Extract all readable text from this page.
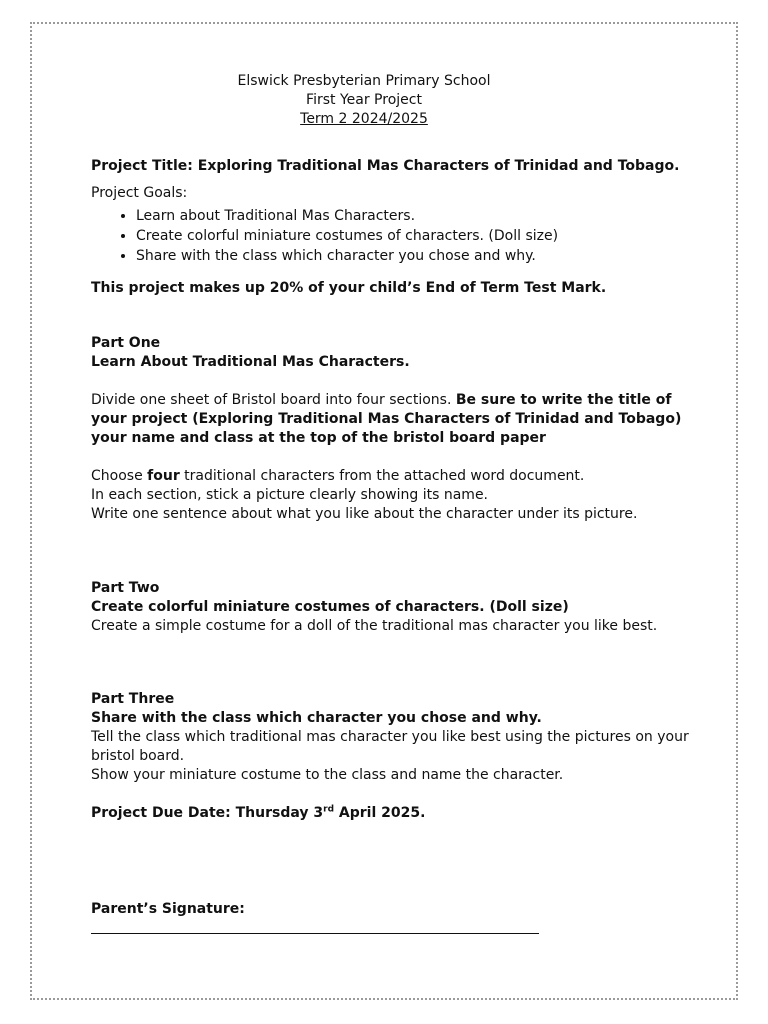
Elswick Presbyterian Primary School
First Year Project
Term 2 2024/2025

Project Title: Exploring Traditional Mas Characters of Trinidad and Tobago.

Project Goals:

• Learn about Traditional Mas Characters.
• Create colorful miniature costumes of characters. (Doll size)
• Share with the class which character you chose and why.

This project makes up 20% of your child’s End of Term Test Mark.

Part One

Learn About Traditional Mas Characters.

Divide one sheet of Bristol board into four sections. Be sure to write the title of your project (Exploring Traditional Mas Characters of Trinidad and Tobago) your name and class at the top of the bristol board paper

Choose four traditional characters from the attached word document.

In each section, stick a picture clearly showing its name.

Write one sentence about what you like about the character under its picture.

Part Two

Create colorful miniature costumes of characters. (Doll size)

Create a simple costume for a doll of the traditional mas character you like best.

Part Three

Share with the class which character you chose and why.

Tell the class which traditional mas character you like best using the pictures on your bristol board.

Show your miniature costume to the class and name the character.

Project Due Date: Thursday 3rd April 2025.

Parent’s Signature:
